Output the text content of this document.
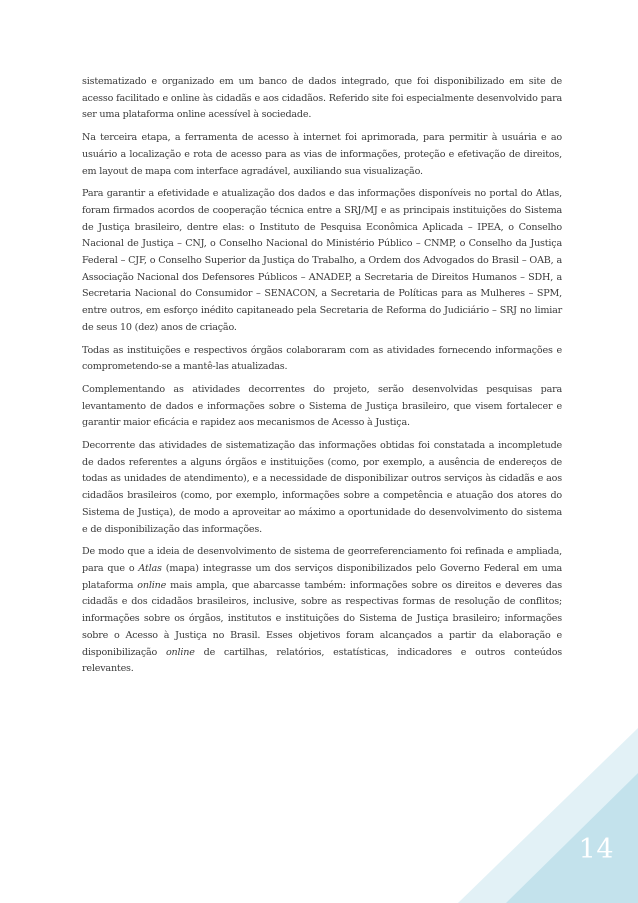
sistematizado e organizado em um banco de dados integrado, que foi disponibilizado em site de acesso facilitado e online às cidadãs e aos cidadãos. Referido site foi especialmente desenvolvido para ser uma plataforma online acessível à sociedade.

Na terceira etapa, a ferramenta de acesso à internet foi aprimorada, para permitir à usuária e ao usuário a localização e rota de acesso para as vias de informações, proteção e efetivação de direitos, em layout de mapa com interface agradável, auxiliando sua visualização.

Para garantir a efetividade e atualização dos dados e das informações disponíveis no portal do Atlas, foram firmados acordos de cooperação técnica entre a SRJ/MJ e as principais instituições do Sistema de Justiça brasileiro, dentre elas: o Instituto de Pesquisa Econômica Aplicada – IPEA, o Conselho Nacional de Justiça – CNJ, o Conselho Nacional do Ministério Público – CNMP, o Conselho da Justiça Federal – CJF, o Conselho Superior da Justiça do Trabalho, a Ordem dos Advogados do Brasil – OAB, a Associação Nacional dos Defensores Públicos – ANADEP, a Secretaria de Direitos Humanos – SDH, a Secretaria Nacional do Consumidor – SENACON, a Secretaria de Políticas para as Mulheres – SPM, entre outros, em esforço inédito capitaneado pela Secretaria de Reforma do Judiciário – SRJ no limiar de seus 10 (dez) anos de criação.

Todas as instituições e respectivos órgãos colaboraram com as atividades fornecendo informações e comprometendo-se a mantê-las atualizadas.

Complementando as atividades decorrentes do projeto, serão desenvolvidas pesquisas para levantamento de dados e informações sobre o Sistema de Justiça brasileiro, que visem fortalecer e garantir maior eficácia e rapidez aos mecanismos de Acesso à Justiça.

Decorrente das atividades de sistematização das informações obtidas foi constatada a incompletude de dados referentes a alguns órgãos e instituições (como, por exemplo, a ausência de endereços de todas as unidades de atendimento), e a necessidade de disponibilizar outros serviços às cidadãs e aos cidadãos brasileiros (como, por exemplo, informações sobre a competência e atuação dos atores do Sistema de Justiça), de modo a aproveitar ao máximo a oportunidade do desenvolvimento do sistema e de disponibilização das informações.

De modo que a ideia de desenvolvimento de sistema de georreferenciamento foi refinada e ampliada, para que o Atlas (mapa) integrasse um dos serviços disponibilizados pelo Governo Federal em uma plataforma online mais ampla, que abarcasse também: informações sobre os direitos e deveres das cidadãs e dos cidadãos brasileiros, inclusive, sobre as respectivas formas de resolução de conflitos; informações sobre os órgãos, institutos e instituições do Sistema de Justiça brasileiro; informações sobre o Acesso à Justiça no Brasil. Esses objetivos foram alcançados a partir da elaboração e disponibilização online de cartilhas, relatórios, estatísticas, indicadores e outros conteúdos relevantes.

14
